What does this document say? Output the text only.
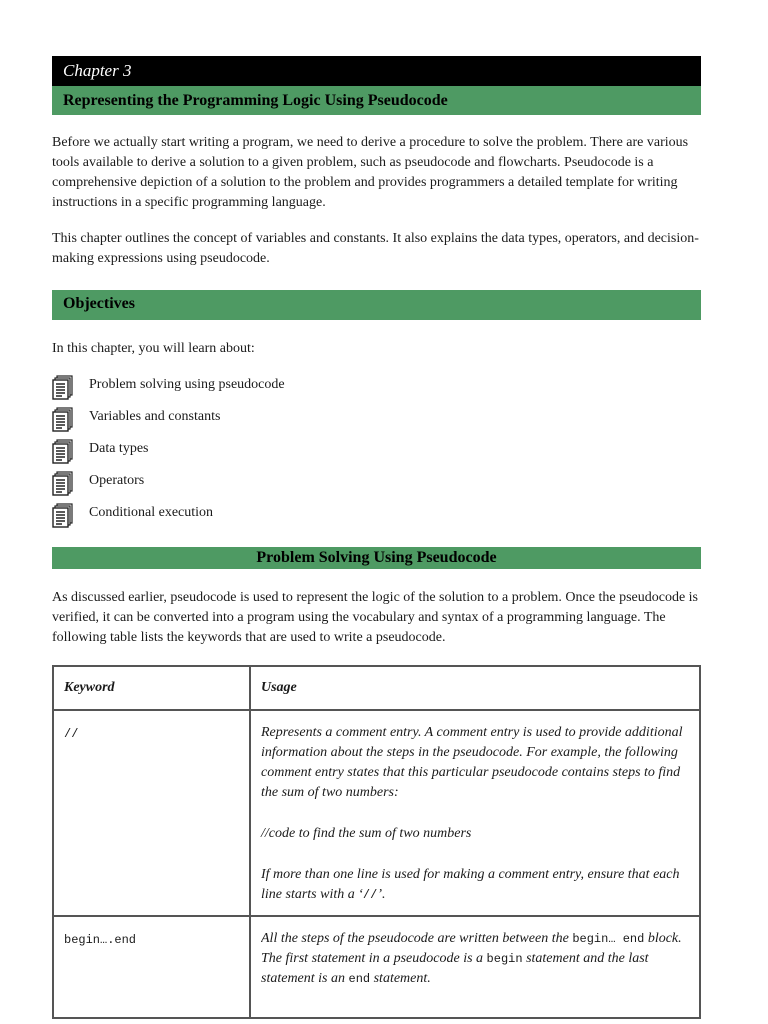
Chapter 3
Representing the Programming Logic Using Pseudocode

Before we actually start writing a program, we need to derive a procedure to solve the problem. There are various tools available to derive a solution to a given problem, such as pseudocode and flowcharts. Pseudocode is a comprehensive depiction of a solution to the problem and provides programmers a detailed template for writing instructions in a specific programming language.

This chapter outlines the concept of variables and constants. It also explains the data types, operators, and decision-making expressions using pseudocode.

Objectives

In this chapter, you will learn about:

Problem solving using pseudocode
Variables and constants
Data types
Operators
Conditional execution
Problem Solving Using Pseudocode

As discussed earlier, pseudocode is used to represent the logic of the solution to a problem. Once the pseudocode is verified, it can be converted into a program using the vocabulary and syntax of a programming language. The following table lists the keywords that are used to write a pseudocode.

Keyword	Usage
//	Represents a comment entry. A comment entry is used to provide additional information about the steps in the pseudocode. For example, the following comment entry states that this particular pseudocode contains steps to find the sum of two numbers:

//code to find the sum of two numbers

If more than one line is used for making a comment entry, ensure that each line starts with a ‘//’.

begin….end	All the steps of the pseudocode are written between the begin… end block. The first statement in a pseudocode is a begin statement and the last statement is an end statement.
